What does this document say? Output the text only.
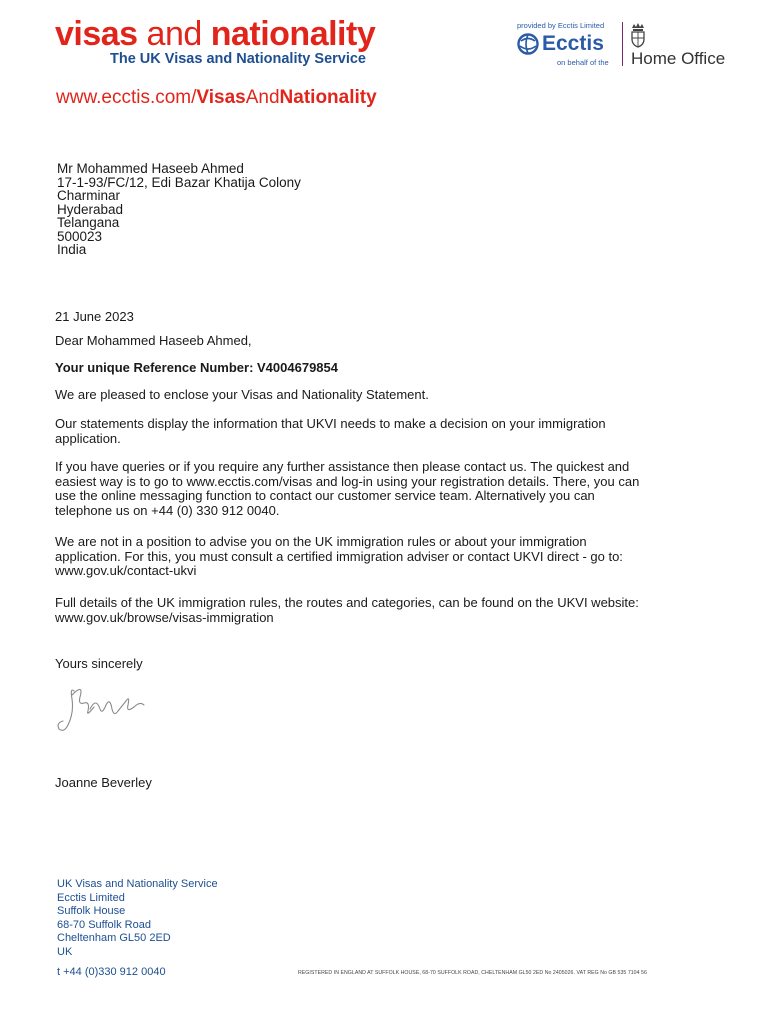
visas and nationality
The UK Visas and Nationality Service
www.ecctis.com/VisasAndNationality
provided by Ecctis Limited
Ecctis
on behalf of the Home Office
Mr Mohammed Haseeb Ahmed
17-1-93/FC/12, Edi Bazar Khatija Colony
Charminar
Hyderabad
Telangana
500023
India
21 June 2023
Dear Mohammed Haseeb Ahmed,
Your unique Reference Number: V4004679854
We are pleased to enclose your Visas and Nationality Statement.
Our statements display the information that UKVI needs to make a decision on your immigration
application.
If you have queries or if you require any further assistance then please contact us. The quickest and
easiest way is to go to www.ecctis.com/visas and log-in using your registration details. There, you can
use the online messaging function to contact our customer service team. Alternatively you can
telephone us on +44 (0) 330 912 0040.
We are not in a position to advise you on the UK immigration rules or about your immigration
application. For this, you must consult a certified immigration adviser or contact UKVI direct - go to:
www.gov.uk/contact-ukvi
Full details of the UK immigration rules, the routes and categories, can be found on the UKVI website:
www.gov.uk/browse/visas-immigration
Yours sincerely
Joanne Beverley
UK Visas and Nationality Service
Ecctis Limited
Suffolk House
68-70 Suffolk Road
Cheltenham GL50 2ED
UK
t +44 (0)330 912 0040	REGISTERED IN ENGLAND AT SUFFOLK HOUSE, 68-70 SUFFOLK ROAD, CHELTENHAM GL50 2ED No 2405026. VAT REG No GB 535 7104 56
